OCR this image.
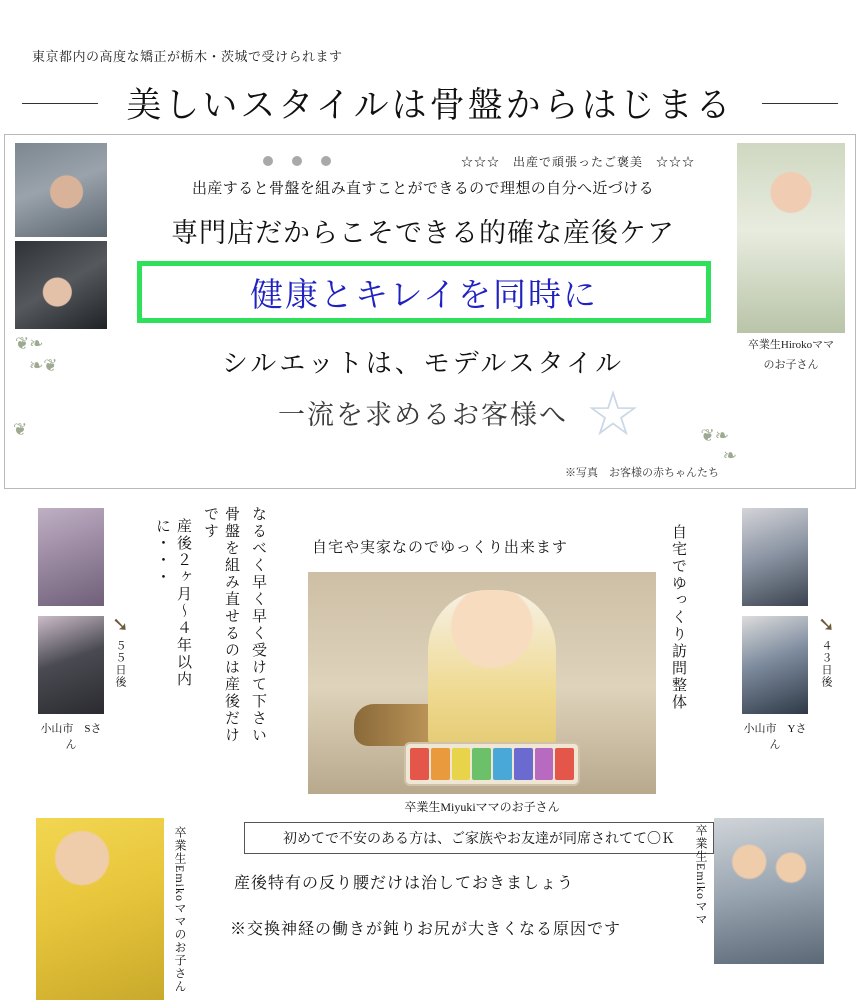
東京都内の高度な矯正が栃木・茨城で受けられます
美しいスタイルは骨盤からはじまる
❦❧
❧❦
❦	❦❧
❧
☆☆☆　出産で頑張ったご褒美　☆☆☆
出産すると骨盤を組み直すことができるので理想の自分へ近づける
専門店だからこそできる的確な産後ケア
健康とキレイを同時に
シルエットは、モデルスタイル
一流を求めるお客様へ ☆
※写真　お客様の赤ちゃんたち
卒業生Hirokoママ
のお子さん
小山市　Sさん
➘
５５日後
小山市　Yさん
➘
４３日後
産後２ヶ月〜４年以内に・・・	骨盤を組み直せるのは産後だけです	なるべく早く早く受けて下さい	自宅でゆっくり訪問整体
自宅や実家なのでゆっくり出来ます
卒業生Miyukiママのお子さん
卒業生Emikoママのお子さん	初めてで不安のある方は、ご家族やお友達が同席されてて〇Ｋ
産後特有の反り腰だけは治しておきましょう
※交換神経の働きが鈍りお尻が大きくなる原因です
卒業生Emikoママ
